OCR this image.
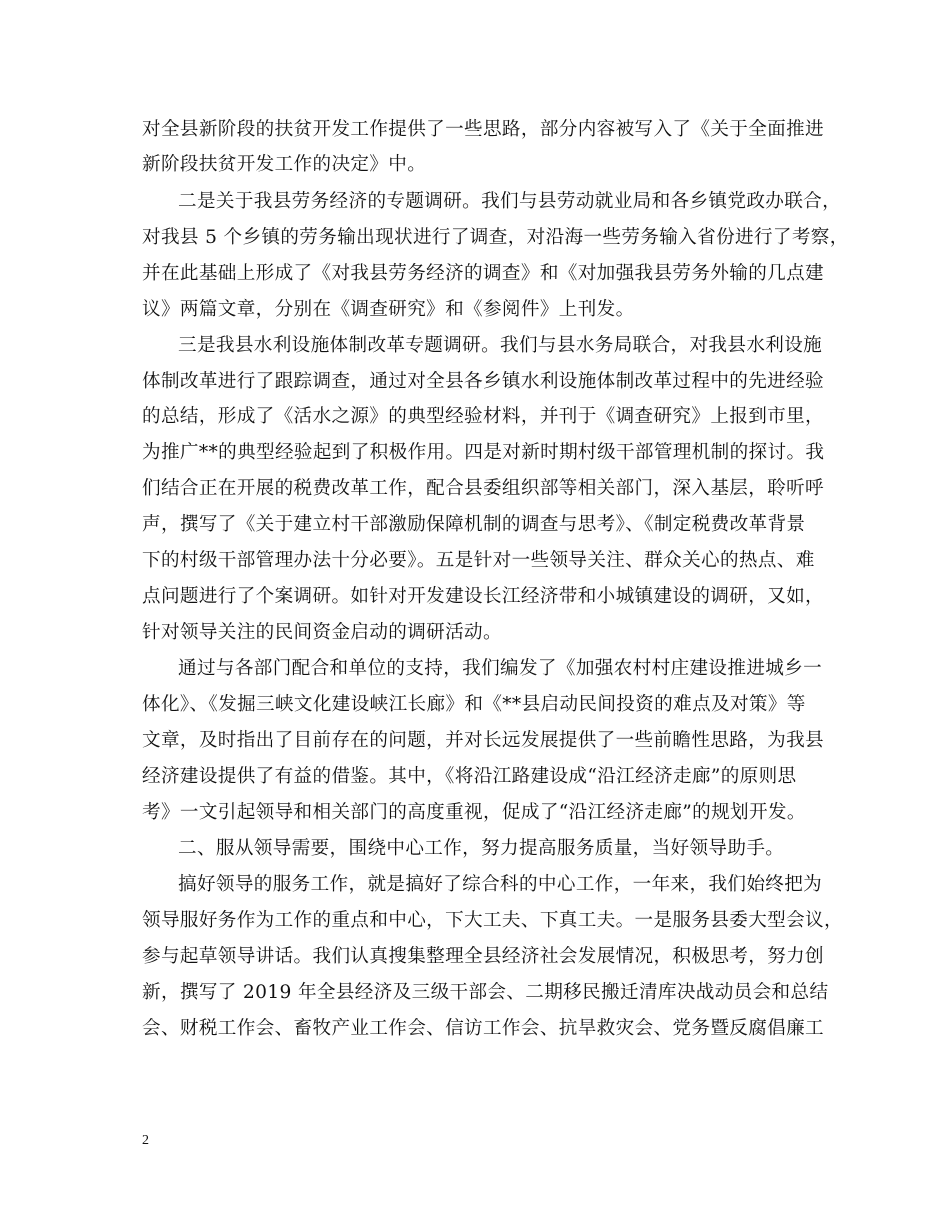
对全县新阶段的扶贫开发工作提供了一些思路，部分内容被写入了《关于全面推进
新阶段扶贫开发工作的决定》中。
二是关于我县劳务经济的专题调研。我们与县劳动就业局和各乡镇党政办联合，
对我县 5 个乡镇的劳务输出现状进行了调查，对沿海一些劳务输入省份进行了考察，
并在此基础上形成了《对我县劳务经济的调查》和《对加强我县劳务外输的几点建
议》两篇文章，分别在《调查研究》和《参阅件》上刊发。
三是我县水利设施体制改革专题调研。我们与县水务局联合，对我县水利设施
体制改革进行了跟踪调查，通过对全县各乡镇水利设施体制改革过程中的先进经验
的总结，形成了《活水之源》的典型经验材料，并刊于《调查研究》上报到市里，
为推广**的典型经验起到了积极作用。四是对新时期村级干部管理机制的探讨。我
们结合正在开展的税费改革工作，配合县委组织部等相关部门，深入基层，聆听呼
声，撰写了《关于建立村干部激励保障机制的调查与思考》、《制定税费改革背景
下的村级干部管理办法十分必要》。五是针对一些领导关注、群众关心的热点、难
点问题进行了个案调研。如针对开发建设长江经济带和小城镇建设的调研，又如，
针对领导关注的民间资金启动的调研活动。
通过与各部门配合和单位的支持，我们编发了《加强农村村庄建设推进城乡一
体化》、《发掘三峡文化建设峡江长廊》和《**县启动民间投资的难点及对策》等
文章，及时指出了目前存在的问题，并对长远发展提供了一些前瞻性思路，为我县
经济建设提供了有益的借鉴。其中，《将沿江路建设成“沿江经济走廊”的原则思
考》一文引起领导和相关部门的高度重视，促成了“沿江经济走廊”的规划开发。
二、服从领导需要，围绕中心工作，努力提高服务质量，当好领导助手。
搞好领导的服务工作，就是搞好了综合科的中心工作，一年来，我们始终把为
领导服好务作为工作的重点和中心，下大工夫、下真工夫。一是服务县委大型会议，
参与起草领导讲话。我们认真搜集整理全县经济社会发展情况，积极思考，努力创
新，撰写了 2019 年全县经济及三级干部会、二期移民搬迁清库决战动员会和总结
会、财税工作会、畜牧产业工作会、信访工作会、抗旱救灾会、党务暨反腐倡廉工
2
